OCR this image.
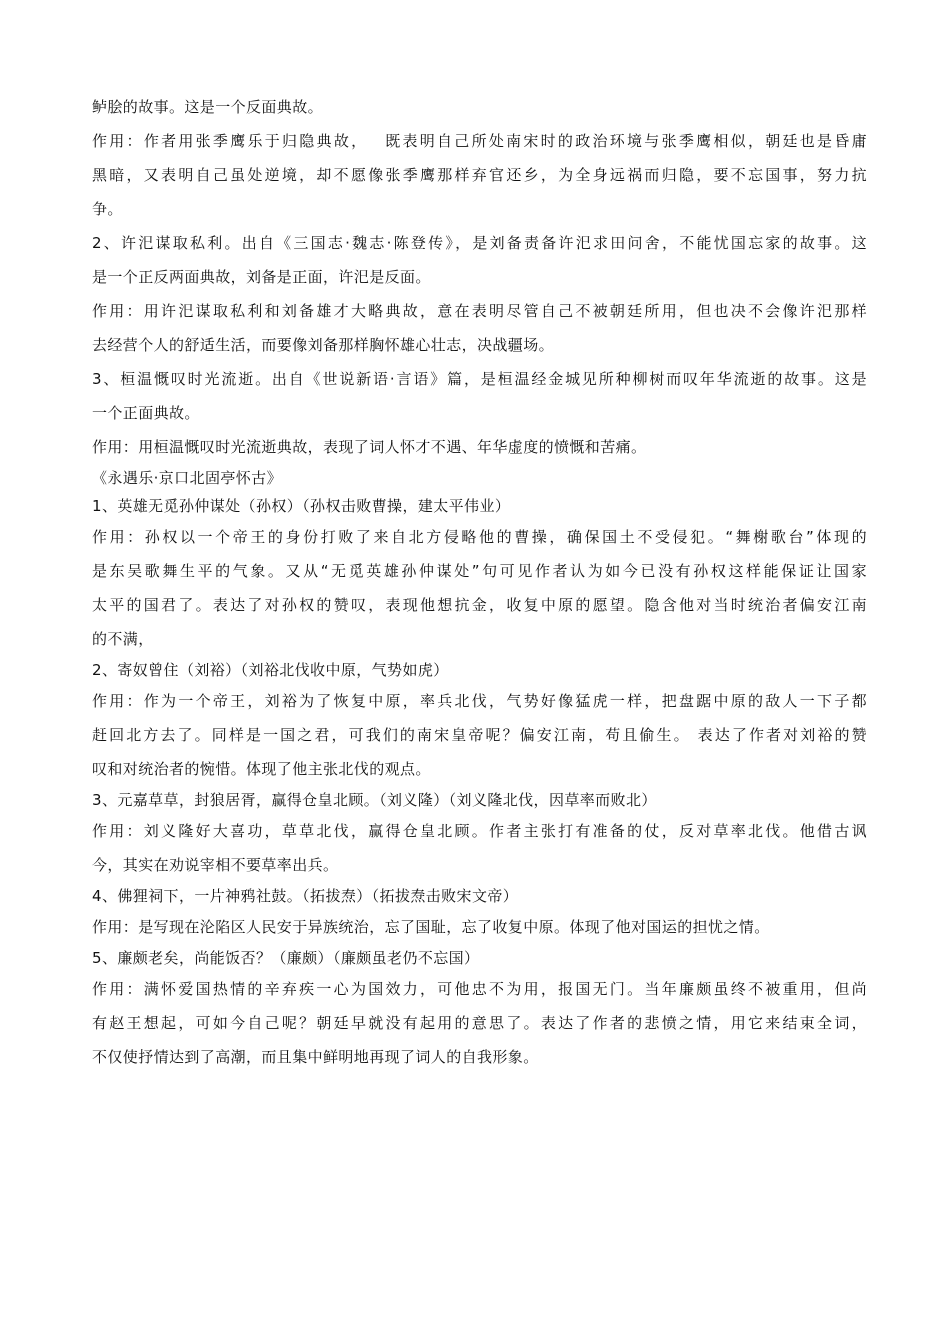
鲈脍的故事。这是一个反面典故。
作用：作者用张季鹰乐于归隐典故，　 既表明自己所处南宋时的政治环境与张季鹰相似，朝廷也是昏庸
黑暗，又表明自己虽处逆境，却不愿像张季鹰那样弃官还乡，为全身远祸而归隐，要不忘国事，努力抗
争。
2、许汜谋取私利。出自《三国志·魏志·陈登传》，是刘备责备许汜求田问舍，不能忧国忘家的故事。这
是一个正反两面典故，刘备是正面，许汜是反面。
作用：用许汜谋取私利和刘备雄才大略典故，意在表明尽管自己不被朝廷所用，但也决不会像许汜那样
去经营个人的舒适生活，而要像刘备那样胸怀雄心壮志，决战疆场。
3、桓温慨叹时光流逝。出自《世说新语·言语》篇，是桓温经金城见所种柳树而叹年华流逝的故事。这是
一个正面典故。
作用：用桓温慨叹时光流逝典故，表现了词人怀才不遇、年华虚度的愤慨和苦痛。
《永遇乐·京口北固亭怀古》
1、英雄无觅孙仲谋处（孙权）（孙权击败曹操，建太平伟业）
作用：孙权以一个帝王的身份打败了来自北方侵略他的曹操，确保国土不受侵犯。“舞榭歌台”体现的
是东吴歌舞生平的气象。又从“无觅英雄孙仲谋处”句可见作者认为如今已没有孙权这样能保证让国家
太平的国君了。表达了对孙权的赞叹，表现他想抗金，收复中原的愿望。隐含他对当时统治者偏安江南
的不满，
2、寄奴曾住（刘裕）（刘裕北伐收中原，气势如虎）
作用：作为一个帝王，刘裕为了恢复中原，率兵北伐，气势好像猛虎一样，把盘踞中原的敌人一下子都
赶回北方去了。同样是一国之君，可我们的南宋皇帝呢？偏安江南，苟且偷生。 表达了作者对刘裕的赞
叹和对统治者的惋惜。体现了他主张北伐的观点。
3、元嘉草草，封狼居胥，赢得仓皇北顾。（刘义隆）（刘义隆北伐，因草率而败北）
作用：刘义隆好大喜功，草草北伐，赢得仓皇北顾。作者主张打有准备的仗，反对草率北伐。他借古讽
今，其实在劝说宰相不要草率出兵。
4、佛狸祠下，一片神鸦社鼓。（拓拔焘）（拓拔焘击败宋文帝）
作用：是写现在沦陷区人民安于异族统治，忘了国耻，忘了收复中原。体现了他对国运的担忧之情。
5、廉颇老矣，尚能饭否？（廉颇）（廉颇虽老仍不忘国）
作用：满怀爱国热情的辛弃疾一心为国效力，可他忠不为用，报国无门。当年廉颇虽终不被重用，但尚
有赵王想起，可如今自己呢？朝廷早就没有起用的意思了。表达了作者的悲愤之情，用它来结束全词，
不仅使抒情达到了高潮，而且集中鲜明地再现了词人的自我形象。
